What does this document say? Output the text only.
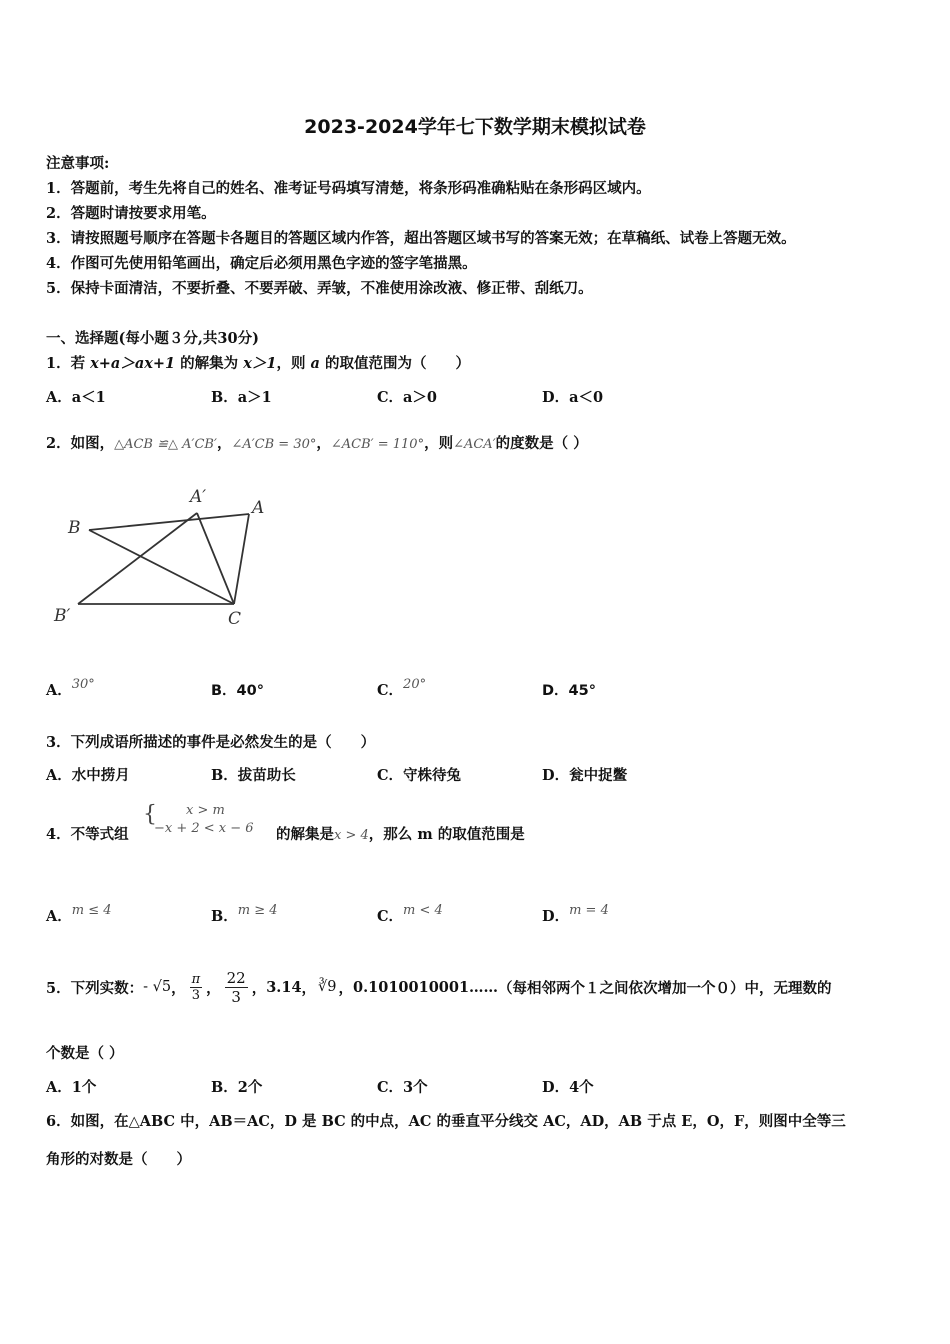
2023-2024学年七下数学期末模拟试卷
注意事项:
1．答题前，考生先将自己的姓名、准考证号码填写清楚，将条形码准确粘贴在条形码区域内。
2．答题时请按要求用笔。
3．请按照题号顺序在答题卡各题目的答题区域内作答，超出答题区域书写的答案无效；在草稿纸、试卷上答题无效。
4．作图可先使用铅笔画出，确定后必须用黑色字迹的签字笔描黑。
5．保持卡面清洁，不要折叠、不要弄破、弄皱，不准使用涂改液、修正带、刮纸刀。
一、选择题(每小题３分,共30分)
1．若 x+a＞ax+1 的解集为 x＞1，则 a 的取值范围为（　　）
A．a＜1	B．a＞1	C．a＞0	D．a＜0
2．如图，△ACB ≌△ A′CB′，∠A′CB = 30°，∠ACB′ = 110°，则∠ACA′的度数是（ ）
B
A′
A
B′	C
A．30°	B．40°	C．20°	D．45°
3．下列成语所描述的事件是必然发生的是（　　）
A．水中捞月	B．拔苗助长	C．守株待兔	D．瓮中捉鳖
4．不等式组
{ x > m
−x + 2 < x − 6 的解集是x > 4，那么 m 的取值范围是
A．m ≤ 4	B．m ≥ 4	C．m < 4	D．m = 4
5．下列实数： - √5 ， $\frac{\pi}{3}$ ， $\frac{22}{3}$ ， 3.14 ， ∛9 ， 0.1010010001…… （每相邻两个１之间依次增加一个０）中，无理数的
个数是（ ）
A．1个	B．2个	C．3个	D．4个
6．如图，在△ABC 中，AB＝AC，D 是 BC 的中点，AC 的垂直平分线交 AC，AD，AB 于点 E，O，F，则图中全等三
角形的对数是（　　）
